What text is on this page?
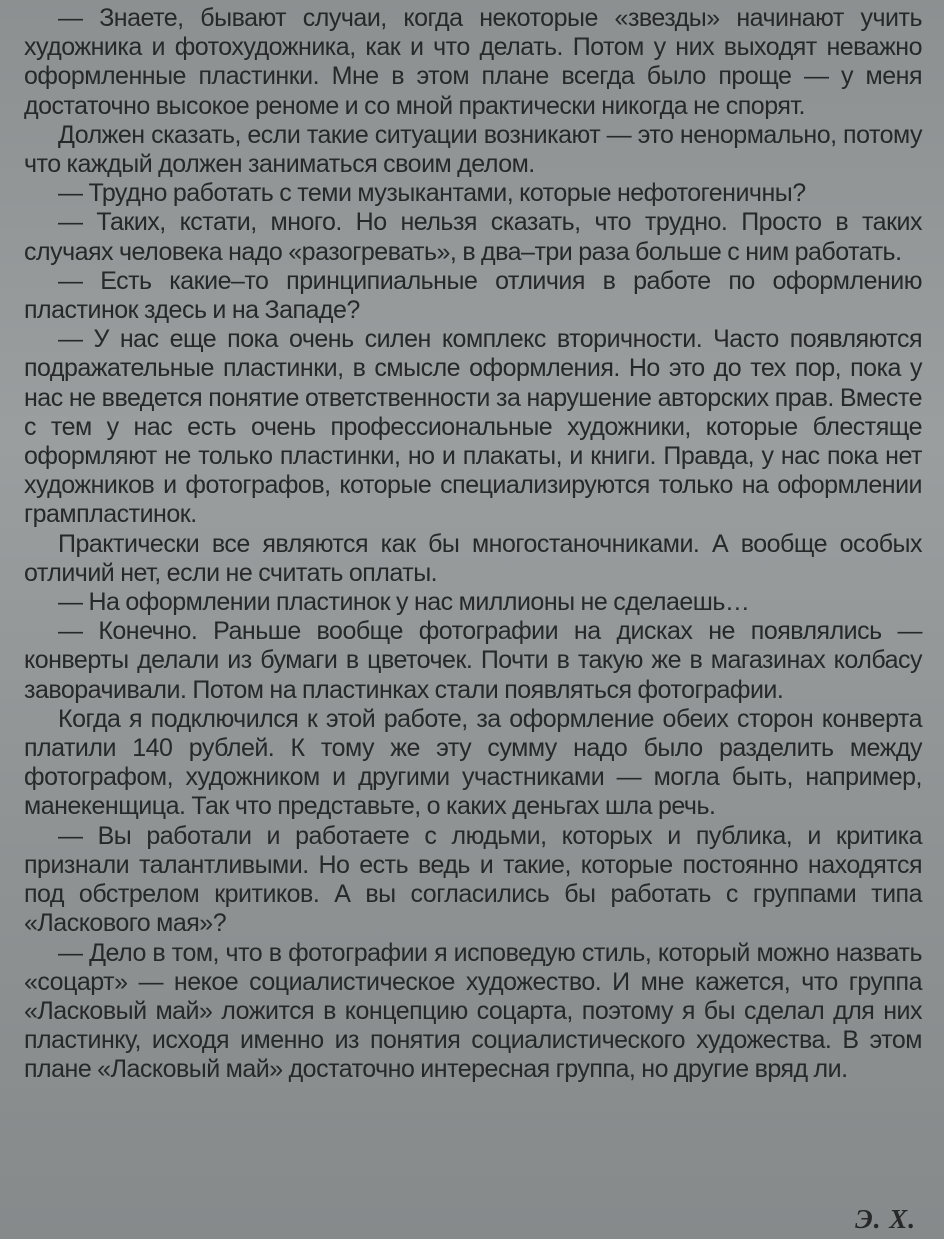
— Знаете, бывают случаи, когда некоторые «звезды» начинают учить художника и фотохудожника, как и что делать. Потом у них выходят неважно оформленные пластинки. Мне в этом плане всегда было проще — у меня достаточно высокое реноме и со мной практически никогда не спорят.

Должен сказать, если такие ситуации возникают — это ненормально, потому что каждый должен заниматься своим делом.

— Трудно работать с теми музыкантами, которые нефотогеничны?

— Таких, кстати, много. Но нельзя сказать, что трудно. Просто в таких случаях человека надо «разогревать», в два–три раза больше с ним работать.

— Есть какие–то принципиальные отличия в работе по оформлению пластинок здесь и на Западе?

— У нас еще пока очень силен комплекс вторичности. Часто появляются подражательные пластинки, в смысле оформления. Но это до тех пор, пока у нас не введется понятие ответственности за нарушение авторских прав. Вместе с тем у нас есть очень профессиональные художники, которые блестяще оформляют не только пластинки, но и плакаты, и книги. Правда, у нас пока нет художников и фотографов, которые специализируются только на оформлении грампластинок.

Практически все являются как бы многостаночниками. А вообще особых отличий нет, если не считать оплаты.

— На оформлении пластинок у нас миллионы не сделаешь…

— Конечно. Раньше вообще фотографии на дисках не появлялись — конверты делали из бумаги в цветочек. Почти в такую же в магазинах колбасу заворачивали. Потом на пластинках стали появляться фотографии.

Когда я подключился к этой работе, за оформление обеих сторон конверта платили 140 рублей. К тому же эту сумму надо было разделить между фотографом, художником и другими участниками — могла быть, например, манекенщица. Так что представьте, о каких деньгах шла речь.

— Вы работали и работаете с людьми, которых и публика, и критика признали талантливыми. Но есть ведь и такие, которые постоянно находятся под обстрелом критиков. А вы согласились бы работать с группами типа «Ласкового мая»?

— Дело в том, что в фотографии я исповедую стиль, который можно назвать «соцарт» — некое социалистическое художество. И мне кажется, что группа «Ласковый май» ложится в концепцию соцарта, поэтому я бы сделал для них пластинку, исходя именно из понятия социалистического художества. В этом плане «Ласковый май» достаточно интересная группа, но другие вряд ли.

Э. Х.
